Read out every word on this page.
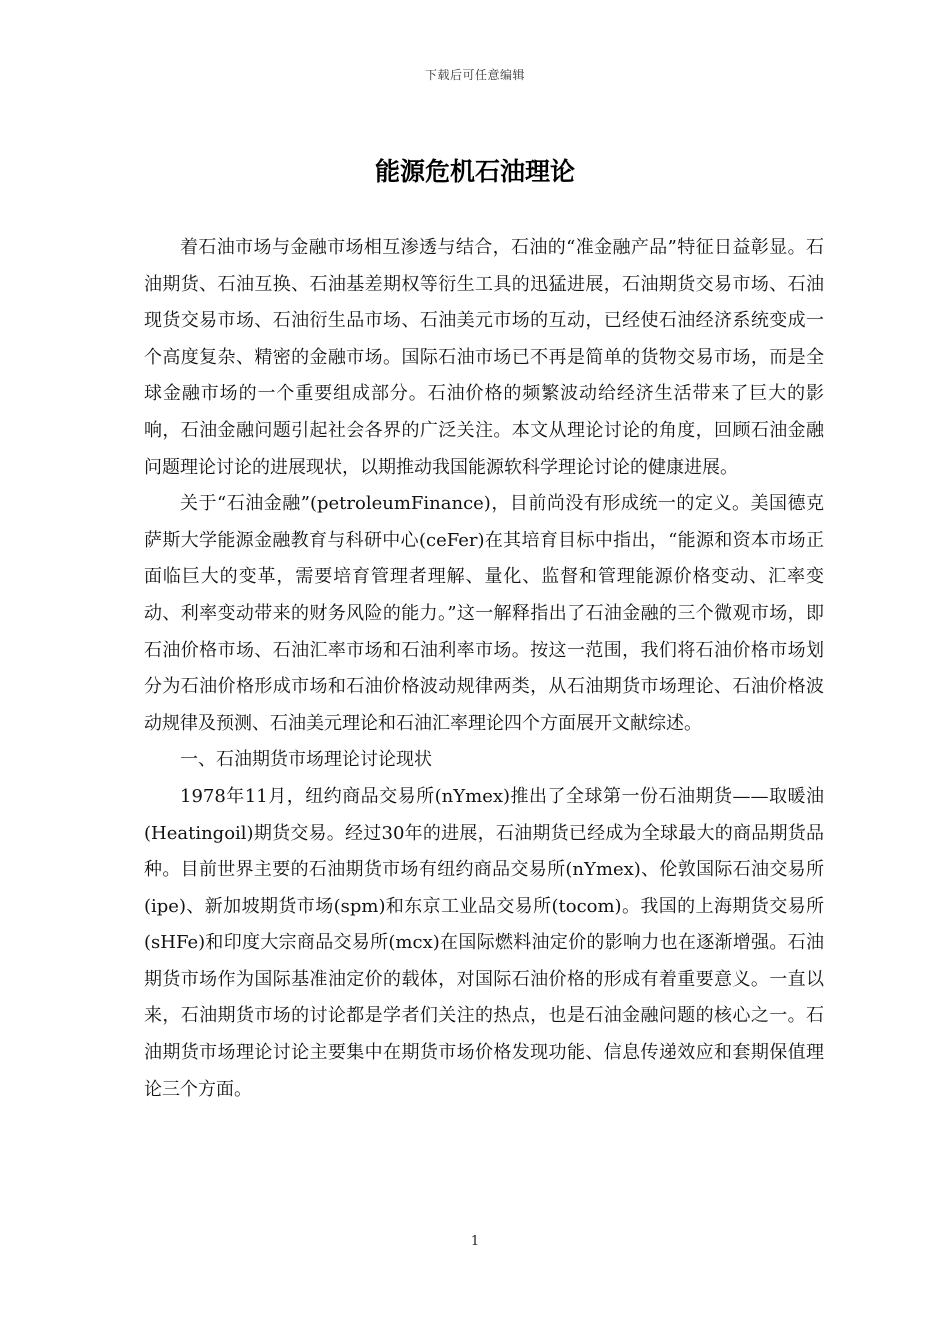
下载后可任意编辑
能源危机石油理论

着石油市场与金融市场相互渗透与结合，石油的“准金融产品”特征日益彰显。石油期货、石油互换、石油基差期权等衍生工具的迅猛进展，石油期货交易市场、石油现货交易市场、石油衍生品市场、石油美元市场的互动，已经使石油经济系统变成一个高度复杂、精密的金融市场。国际石油市场已不再是简单的货物交易市场，而是全球金融市场的一个重要组成部分。石油价格的频繁波动给经济生活带来了巨大的影响，石油金融问题引起社会各界的广泛关注。本文从理论讨论的角度，回顾石油金融问题理论讨论的进展现状，以期推动我国能源软科学理论讨论的健康进展。

关于“石油金融”(petroleumFinance)，目前尚没有形成统一的定义。美国德克萨斯大学能源金融教育与科研中心(ceFer)在其培育目标中指出，“能源和资本市场正面临巨大的变革，需要培育管理者理解、量化、监督和管理能源价格变动、汇率变动、利率变动带来的财务风险的能力。”这一解释指出了石油金融的三个微观市场，即石油价格市场、石油汇率市场和石油利率市场。按这一范围，我们将石油价格市场划分为石油价格形成市场和石油价格波动规律两类，从石油期货市场理论、石油价格波动规律及预测、石油美元理论和石油汇率理论四个方面展开文献综述。

一、石油期货市场理论讨论现状

1978年11月，纽约商品交易所(nYmex)推出了全球第一份石油期货——取暖油(Heatingoil)期货交易。经过30年的进展，石油期货已经成为全球最大的商品期货品种。目前世界主要的石油期货市场有纽约商品交易所(nYmex)、伦敦国际石油交易所(ipe)、新加坡期货市场(spm)和东京工业品交易所(tocom)。我国的上海期货交易所(sHFe)和印度大宗商品交易所(mcx)在国际燃料油定价的影响力也在逐渐增强。石油期货市场作为国际基准油定价的载体，对国际石油价格的形成有着重要意义。一直以来，石油期货市场的讨论都是学者们关注的热点，也是石油金融问题的核心之一。石油期货市场理论讨论主要集中在期货市场价格发现功能、信息传递效应和套期保值理论三个方面。

1
